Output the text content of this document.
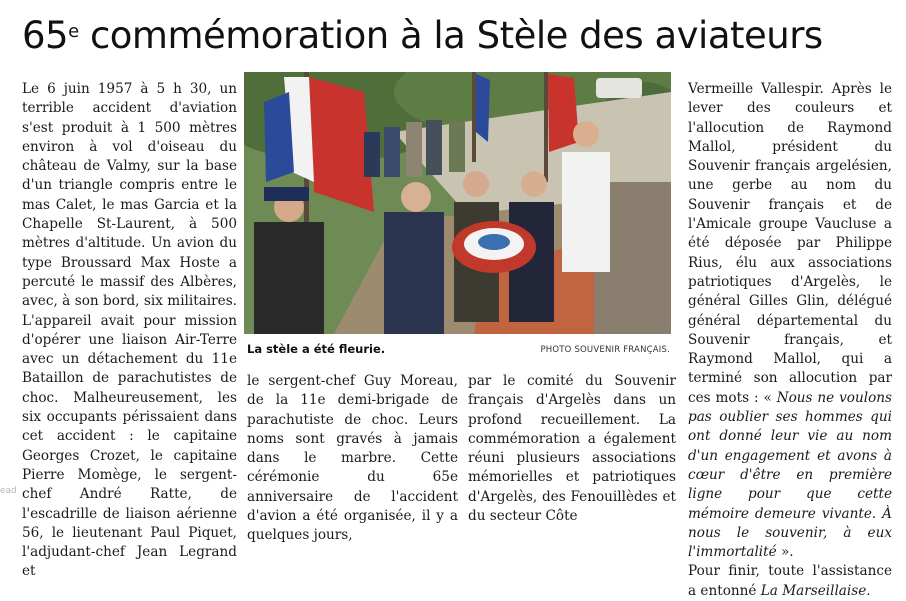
65e commémoration à la Stèle des aviateurs

Le 6 juin 1957 à 5 h 30, un terrible accident d'aviation s'est produit à 1 500 mètres environ à vol d'oiseau du château de Valmy, sur la base d'un triangle compris entre le mas Calet, le mas Garcia et la Chapelle St-Laurent, à 500 mètres d'altitude. Un avion du type Broussard Max Hoste a percuté le massif des Albères, avec, à son bord, six militaires. L'appareil avait pour mission d'opérer une liaison Air-Terre avec un détachement du 11e Bataillon de parachutistes de choc. Malheureusement, les six occupants périssaient dans cet accident : le capitaine Georges Crozet, le capitaine Pierre Momège, le sergent-chef André Ratte, de l'escadrille de liaison aérienne 56, le lieutenant Paul Piquet, l'adjudant-chef Jean Legrand et

La stèle a été fleurie.	PHOTO SOUVENIR FRANÇAIS.

le sergent-chef Guy Moreau, de la 11e demi-brigade de parachutiste de choc. Leurs noms sont gravés à jamais dans le marbre. Cette cérémonie du 65e anniversaire de l'accident d'avion a été organisée, il y a quelques jours,

par le comité du Souvenir français d'Argelès dans un profond recueillement. La commémoration a également réuni plusieurs associations mémorielles et patriotiques d'Argelès, des Fenouillèdes et du secteur Côte

Vermeille Vallespir. Après le lever des couleurs et l'allocution de Raymond Mallol, président du Souvenir français argelésien, une gerbe au nom du Souvenir français et de l'Amicale groupe Vaucluse a été déposée par Philippe Rius, élu aux associations patriotiques d'Argelès, le général Gilles Glin, délégué général départemental du Souvenir français, et Raymond Mallol, qui a terminé son allocution par ces mots : « Nous ne voulons pas oublier ses hommes qui ont donné leur vie au nom d'un engagement et avons à cœur d'être en première ligne pour que cette mémoire demeure vivante. À nous le souvenir, à eux l'immortalité ».

Pour finir, toute l'assistance a entonné La Marseillaise.

ead
